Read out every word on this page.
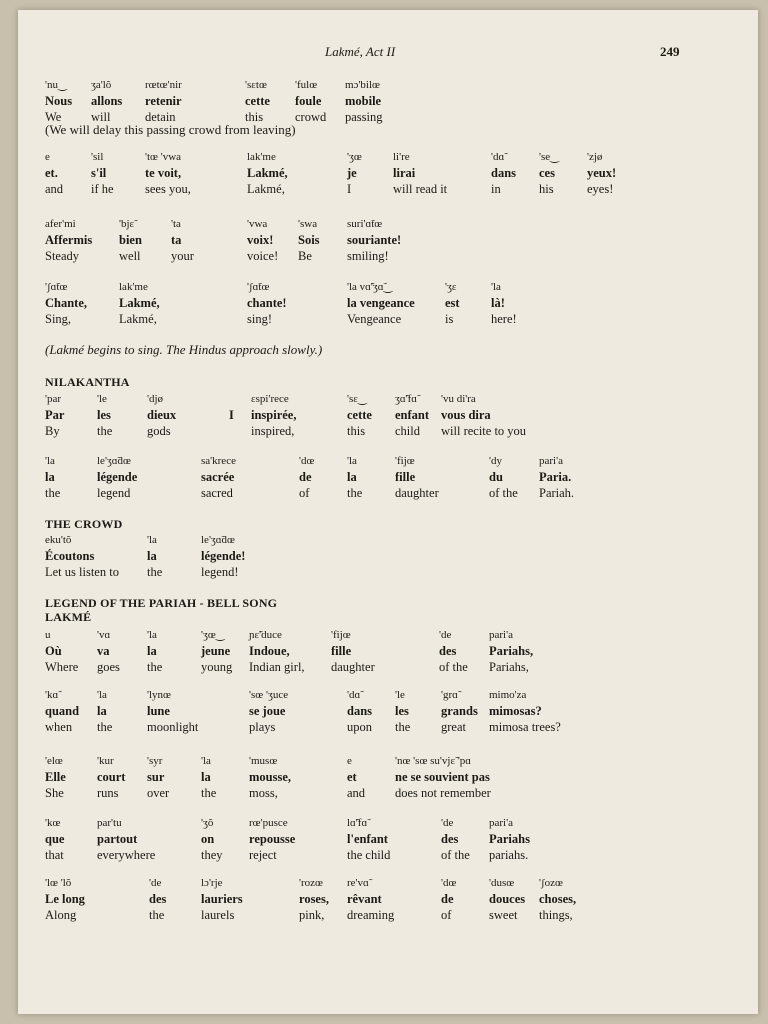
Lakmé, Act II	249
'nu‿
Nous
We
ʒa'lõ
allons
will
rœtœ'nir
retenir
detain
'sɛtœ
cette
this
'fulœ
foule
crowd
mɔ'bilœ
mobile
passing
(We will delay this passing crowd from leaving)
e
et.
and
'sil
s'il
if he
'tœ 'vwa
te voit,
sees you,
lak'me
Lakmé,
Lakmé,
'ʒœ
je
I
li're
lirai
will read it
'dɑ̃
dans
in
'se‿
ces
his
'zjø
yeux!
eyes!
afer'mi
Affermis
Steady
'bjɛ̃
bien
well
'ta
ta
your
'vwa
voix!
voice!
'swa
Sois
Be
suri'ɑ̃tœ
souriante!
smiling!
'ʃɑ̃tœ
Chante,
Sing,
lak'me
Lakmé,
Lakmé,
'ʃɑ̃tœ
chante!
sing!
'la vɑ̃'ʒɑ̃‿
la vengeance
Vengeance
'ʒɛ
est
is
'la
là!
here!
(Lakmé begins to sing. The Hindus approach slowly.)
NILAKANTHA
'par
Par
By
'le
les
the
'djø
dieux
gods
I
ɛspi'rece
inspirée,
inspired,
'sɛ‿
cette
this
ʒɑ̃'fɑ̃
enfant
child
'vu di'ra
vous dira
will recite to you
'la
la
the
le'ʒɑ̃dœ
légende
legend
sa'krece
sacrée
sacred
'dœ
de
of
'la
la
the
'fijœ
fille
daughter
'dy
du
of the
pari'a
Paria.
Pariah.
THE CROWD
eku'tõ
Écoutons
Let us listen to
'la
la
the
le'ʒɑ̃dœ
légende!
legend!
LEGEND OF THE PARIAH - BELL SONG
LAKMÉ
u
Où
Where
'vɑ
va
goes
'la
la
the
'ʒœ‿
jeune
young
ɲɛ̃'duce
Indoue,
Indian girl,
'fijœ
fille
daughter
'de
des
of the
pari'a
Pariahs,
Pariahs,
'kɑ̃
quand
when
'la
la
the
'lynœ
lune
moonlight
'sœ 'ʒuce
se joue
plays
'dɑ̃
dans
upon
'le
les
the
'grɑ̃
grands
great
mimo'za
mimosas?
mimosa trees?
'elœ
Elle
She
'kur
court
runs
'syr
sur
over
'la
la
the
'musœ
mousse,
moss,
e
et
and
'nœ 'sœ su'vjɛ̃ 'pɑ
ne se souvient pas
does not remember
'kœ
que
that
par'tu
partout
everywhere
'ʒõ
on
they
rœ'pusce
repousse
reject
lɑ̃'fɑ̃
l'enfant
the child
'de
des
of the
pari'a
Pariahs
pariahs.
'lœ 'lõ
Le long
Along
'de
des
the
lɔ'rje
lauriers
laurels
'rozœ
roses,
pink,
re'vɑ̃
rêvant
dreaming
'dœ
de
of
'dusœ
douces
sweet
'ʃozœ
choses,
things,
